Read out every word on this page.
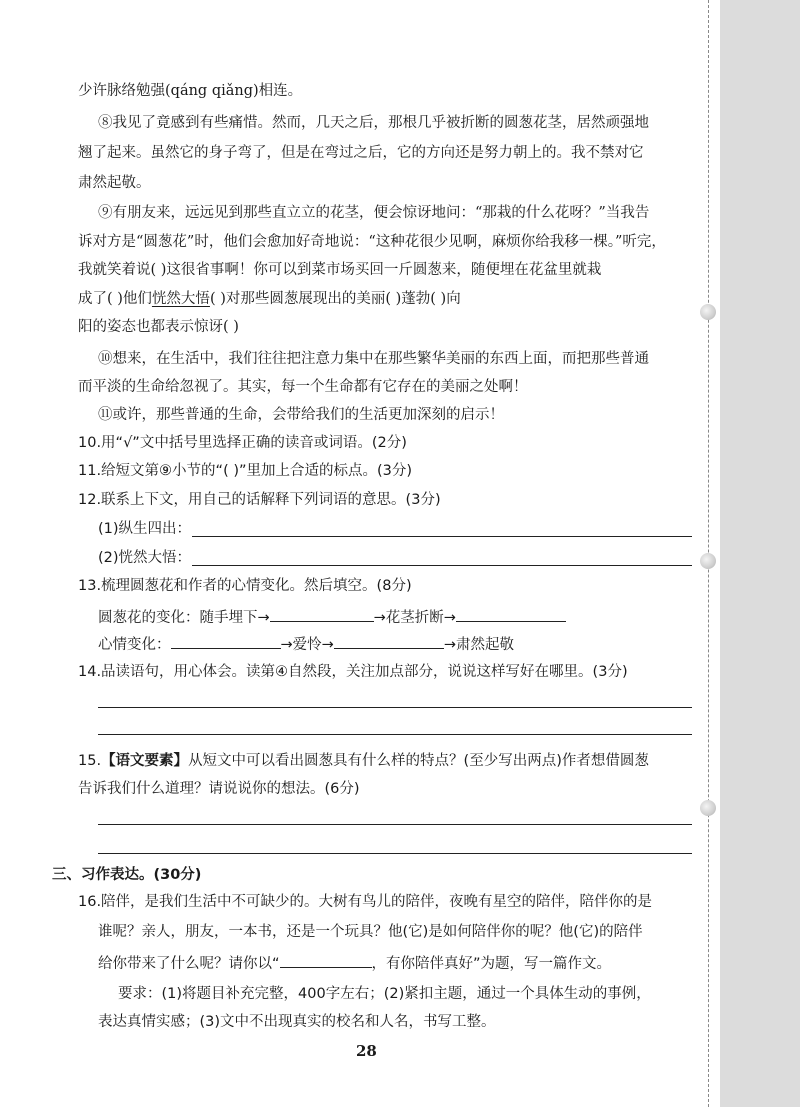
少许脉络勉强(qáng qiǎng)相连。
⑧我见了竟感到有些痛惜。然而，几天之后，那根几乎被折断的圆葱花茎，居然顽强地
翘了起来。虽然它的身子弯了，但是在弯过之后，它的方向还是努力朝上的。我不禁对它
肃然起敬。
⑨有朋友来，远远见到那些直立立的花茎，便会惊讶地问：“那栽的什么花呀？”当我告
诉对方是“圆葱花”时，他们会愈加好奇地说：“这种花很少见啊，麻烦你给我移一棵。”听完，
我就笑着说( )这很省事啊！你可以到菜市场买回一斤圆葱来，随便埋在花盆里就栽
成了( )他们恍然大悟( )对那些圆葱展现出的美丽( )蓬勃( )向
阳的姿态也都表示惊讶( )
⑩想来，在生活中，我们往往把注意力集中在那些繁华美丽的东西上面，而把那些普通
而平淡的生命给忽视了。其实，每一个生命都有它存在的美丽之处啊！
⑪或许，那些普通的生命，会带给我们的生活更加深刻的启示！
10.用“√”文中括号里选择正确的读音或词语。(2分)
11.给短文第⑨小节的“( )”里加上合适的标点。(3分)
12.联系上下文，用自己的话解释下列词语的意思。(3分)
(1)纵生四出：
(2)恍然大悟：
13.梳理圆葱花和作者的心情变化。然后填空。(8分)
圆葱花的变化：随手埋下→	→花茎折断→
心情变化：	→爱怜→	→肃然起敬
14.品读语句，用心体会。读第④自然段，关注加点部分，说说这样写好在哪里。(3分)
15.【语文要素】从短文中可以看出圆葱具有什么样的特点？(至少写出两点)作者想借圆葱
告诉我们什么道理？请说说你的想法。(6分)
三、习作表达。(30分)
16.陪伴，是我们生活中不可缺少的。大树有鸟儿的陪伴，夜晚有星空的陪伴，陪伴你的是
谁呢？亲人，朋友，一本书，还是一个玩具？他(它)是如何陪伴你的呢？他(它)的陪伴
给你带来了什么呢？请你以“	，有你陪伴真好”为题，写一篇作文。
要求：(1)将题目补充完整，400字左右；(2)紧扣主题，通过一个具体生动的事例，
表达真情实感；(3)文中不出现真实的校名和人名，书写工整。
28
